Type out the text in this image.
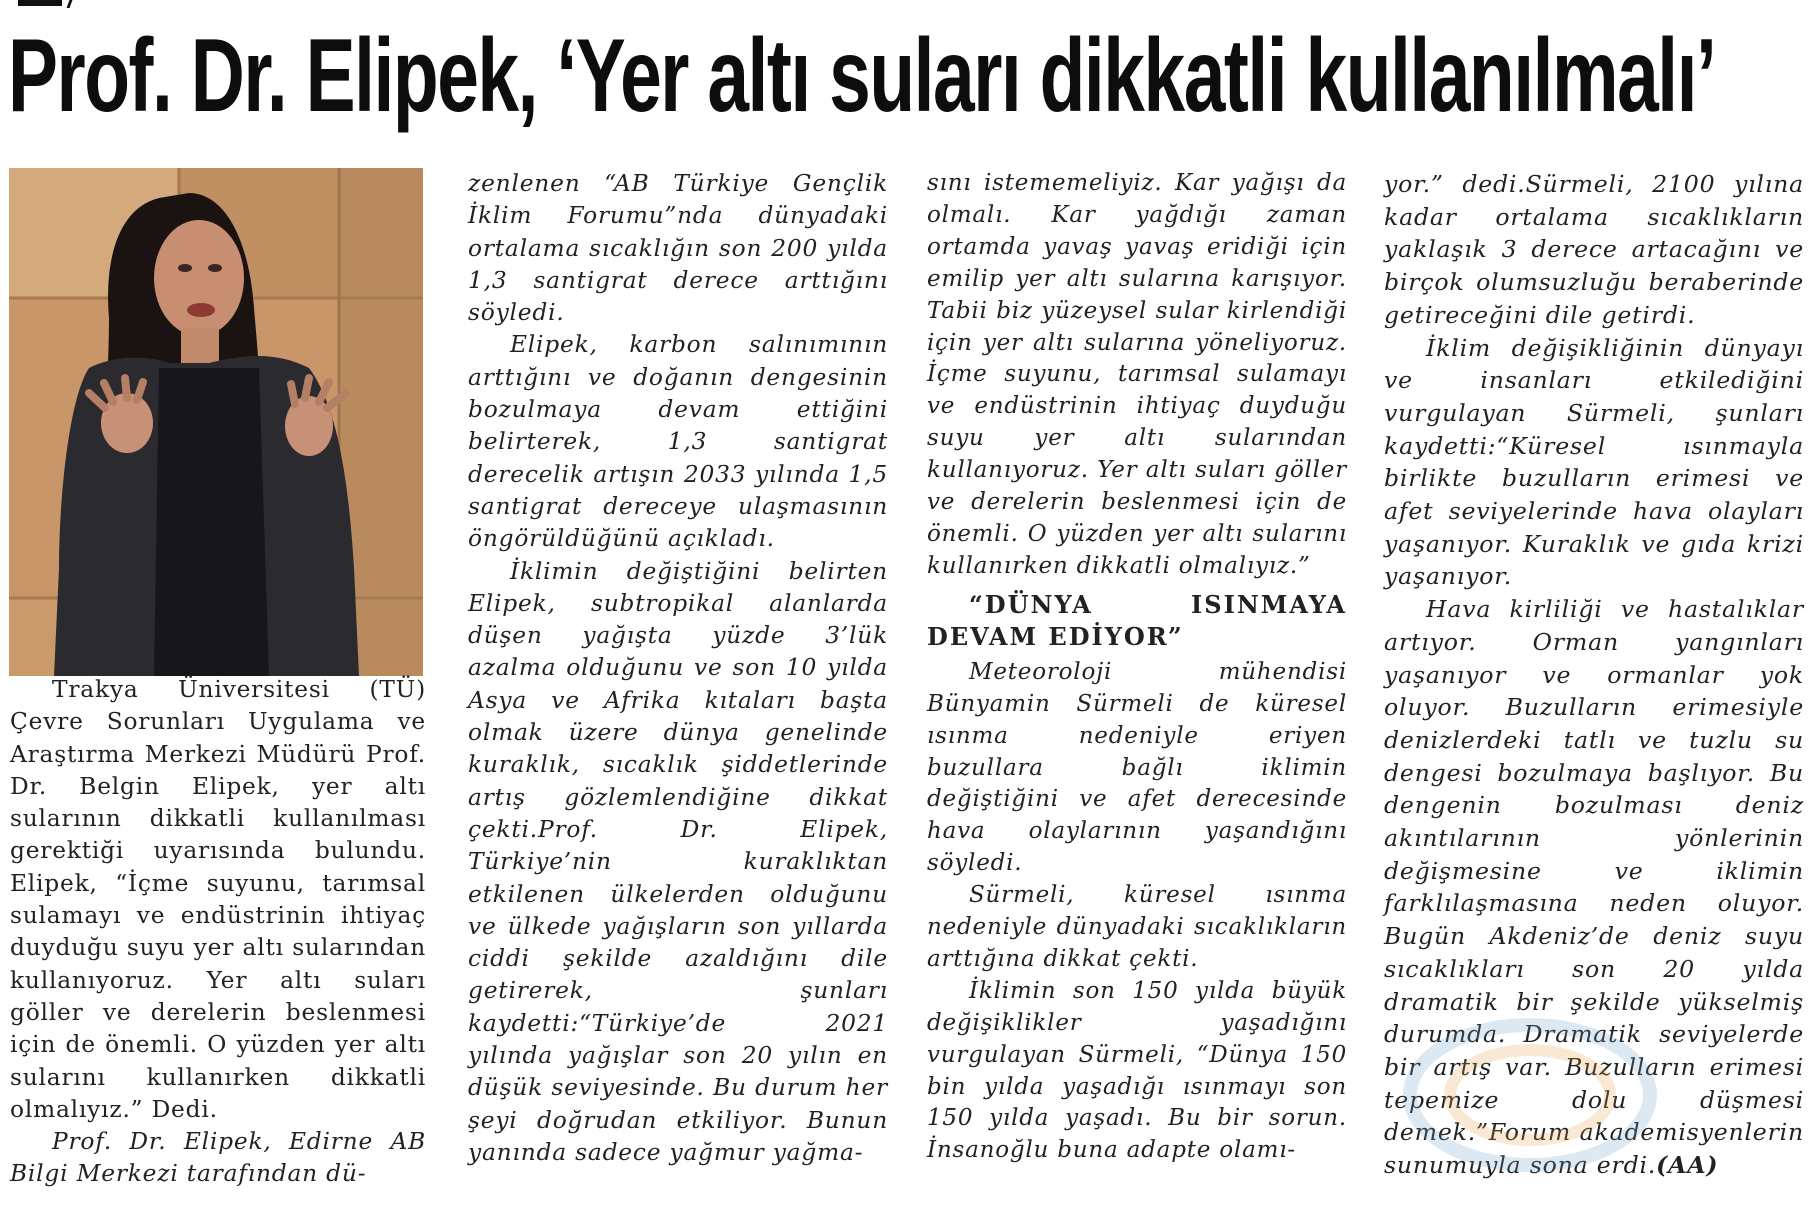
Prof. Dr. Elipek, ‘Yer altı suları dikkatli kullanılmalı’

Trakya Üniversitesi (TÜ) Çevre Sorunları Uygulama ve Araştırma Merkezi Müdürü Prof. Dr. Belgin Elipek, yer altı sularının dikkatli kullanılması gerektiği uyarısında bulundu. Elipek, “İçme suyunu, tarımsal sulamayı ve endüstrinin ihtiyaç duyduğu suyu yer altı sularından kullanıyoruz. Yer altı suları göller ve derelerin beslenmesi için de önemli. O yüzden yer altı sularını kullanırken dikkatli olmalıyız.” Dedi.

Prof. Dr. Elipek, Edirne AB Bilgi Merkezi tarafından dü-

zenlenen “AB Türkiye Gençlik İklim Forumu”nda dünyadaki ortalama sıcaklığın son 200 yılda 1,3 santigrat derece arttığını söyledi.

Elipek, karbon salınımının arttığını ve doğanın dengesinin bozulmaya devam ettiğini belirterek, 1,3 santigrat derecelik artışın 2033 yılında 1,5 santigrat dereceye ulaşmasının öngörüldüğünü açıkladı.

İklimin değiştiğini belirten Elipek, subtropikal alanlarda düşen yağışta yüzde 3’lük azalma olduğunu ve son 10 yılda Asya ve Afrika kıtaları başta olmak üzere dünya genelinde kuraklık, sıcaklık şiddetlerinde artış gözlemlendiğine dikkat çekti.Prof. Dr. Elipek, Türkiye’nin kuraklıktan etkilenen ülkelerden olduğunu ve ülkede yağışların son yıllarda ciddi şekilde azaldığını dile getirerek, şunları kaydetti:“Türkiye’de 2021 yılında yağışlar son 20 yılın en düşük seviyesinde. Bu durum her şeyi doğrudan etkiliyor. Bunun yanında sadece yağmur yağma-

sını istememeliyiz. Kar yağışı da olmalı. Kar yağdığı zaman ortamda yavaş yavaş eridiği için emilip yer altı sularına karışıyor. Tabii biz yüzeysel sular kirlendiği için yer altı sularına yöneliyoruz. İçme suyunu, tarımsal sulamayı ve endüstrinin ihtiyaç duyduğu suyu yer altı sularından kullanıyoruz. Yer altı suları göller ve derelerin beslenmesi için de önemli. O yüzden yer altı sularını kullanırken dikkatli olmalıyız.”

“DÜNYA ISINMAYA DEVAM EDİYOR”

Meteoroloji mühendisi Bünyamin Sürmeli de küresel ısınma nedeniyle eriyen buzullara bağlı iklimin değiştiğini ve afet derecesinde hava olaylarının yaşandığını söyledi.

Sürmeli, küresel ısınma nedeniyle dünyadaki sıcaklıkların arttığına dikkat çekti.

İklimin son 150 yılda büyük değişiklikler yaşadığını vurgulayan Sürmeli, “Dünya 150 bin yılda yaşadığı ısınmayı son 150 yılda yaşadı. Bu bir sorun. İnsanoğlu buna adapte olamı-

yor.” dedi.Sürmeli, 2100 yılına kadar ortalama sıcaklıkların yaklaşık 3 derece artacağını ve birçok olumsuzluğu beraberinde getireceğini dile getirdi.

İklim değişikliğinin dünyayı ve insanları etkilediğini vurgulayan Sürmeli, şunları kaydetti:“Küresel ısınmayla birlikte buzulların erimesi ve afet seviyelerinde hava olayları yaşanıyor. Kuraklık ve gıda krizi yaşanıyor.

Hava kirliliği ve hastalıklar artıyor. Orman yangınları yaşanıyor ve ormanlar yok oluyor. Buzulların erimesiyle denizlerdeki tatlı ve tuzlu su dengesi bozulmaya başlıyor. Bu dengenin bozulması deniz akıntılarının yönlerinin değişmesine ve iklimin farklılaşmasına neden oluyor. Bugün Akdeniz’de deniz suyu sıcaklıkları son 20 yılda dramatik bir şekilde yükselmiş durumda. Dramatik seviyelerde bir artış var. Buzulların erimesi tepemize dolu düşmesi demek.”Forum akademisyenlerin sunumuyla sona erdi.(AA)
